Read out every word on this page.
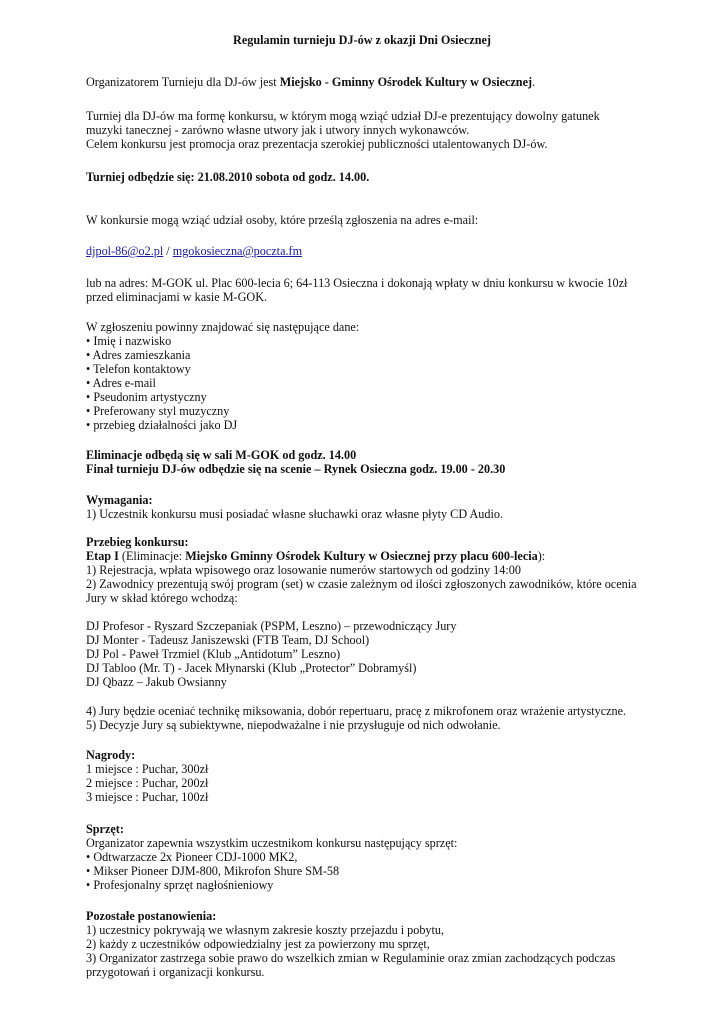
Regulamin turnieju DJ-ów z okazji Dni Osiecznej
Organizatorem Turnieju dla DJ-ów jest Miejsko - Gminny Ośrodek Kultury w Osiecznej.
Turniej dla DJ-ów ma formę konkursu, w którym mogą wziąć udział DJ-e prezentujący dowolny gatunek
muzyki tanecznej - zarówno własne utwory jak i utwory innych wykonawców.
Celem konkursu jest promocja oraz prezentacja szerokiej publiczności utalentowanych DJ-ów.
Turniej odbędzie się: 21.08.2010 sobota od godz. 14.00.
W konkursie mogą wziąć udział osoby, które prześlą zgłoszenia na adres e-mail:
djpol-86@o2.pl / mgokosieczna@poczta.fm
lub na adres: M-GOK ul. Plac 600-lecia 6; 64-113 Osieczna i dokonają wpłaty w dniu konkursu w kwocie 10zł
przed eliminacjami w kasie M-GOK.
W zgłoszeniu powinny znajdować się następujące dane:
• Imię i nazwisko
• Adres zamieszkania
• Telefon kontaktowy
• Adres e-mail
• Pseudonim artystyczny
• Preferowany styl muzyczny
• przebieg działalności jako DJ
Eliminacje odbędą się w sali M-GOK od godz. 14.00
Finał turnieju DJ-ów odbędzie się na scenie – Rynek Osieczna godz. 19.00 - 20.30
Wymagania:
1) Uczestnik konkursu musi posiadać własne słuchawki oraz własne płyty CD Audio.
Przebieg konkursu:
Etap I (Eliminacje: Miejsko Gminny Ośrodek Kultury w Osiecznej przy placu 600-lecia):
1) Rejestracja, wpłata wpisowego oraz losowanie numerów startowych od godziny 14:00
2) Zawodnicy prezentują swój program (set) w czasie zależnym od ilości zgłoszonych zawodników, które ocenia
Jury w skład którego wchodzą:
DJ Profesor - Ryszard Szczepaniak (PSPM, Leszno) – przewodniczący Jury
DJ Monter - Tadeusz Janiszewski (FTB Team, DJ School)
DJ Pol - Paweł Trzmiel (Klub „Antidotum” Leszno)
DJ Tabloo (Mr. T) - Jacek Młynarski (Klub „Protector” Dobramyśl)
DJ Qbazz – Jakub Owsianny
4) Jury będzie oceniać technikę miksowania, dobór repertuaru, pracę z mikrofonem oraz wrażenie artystyczne.
5) Decyzje Jury są subiektywne, niepodważalne i nie przysługuje od nich odwołanie.
Nagrody:
1 miejsce : Puchar, 300zł
2 miejsce : Puchar, 200zł
3 miejsce : Puchar, 100zł
Sprzęt:
Organizator zapewnia wszystkim uczestnikom konkursu następujący sprzęt:
• Odtwarzacze 2x Pioneer CDJ-1000 MK2,
• Mikser Pioneer DJM-800, Mikrofon Shure SM-58
• Profesjonalny sprzęt nagłośnieniowy
Pozostałe postanowienia:
1) uczestnicy pokrywają we własnym zakresie koszty przejazdu i pobytu,
2) każdy z uczestników odpowiedzialny jest za powierzony mu sprzęt,
3) Organizator zastrzega sobie prawo do wszelkich zmian w Regulaminie oraz zmian zachodzących podczas
przygotowań i organizacji konkursu.
